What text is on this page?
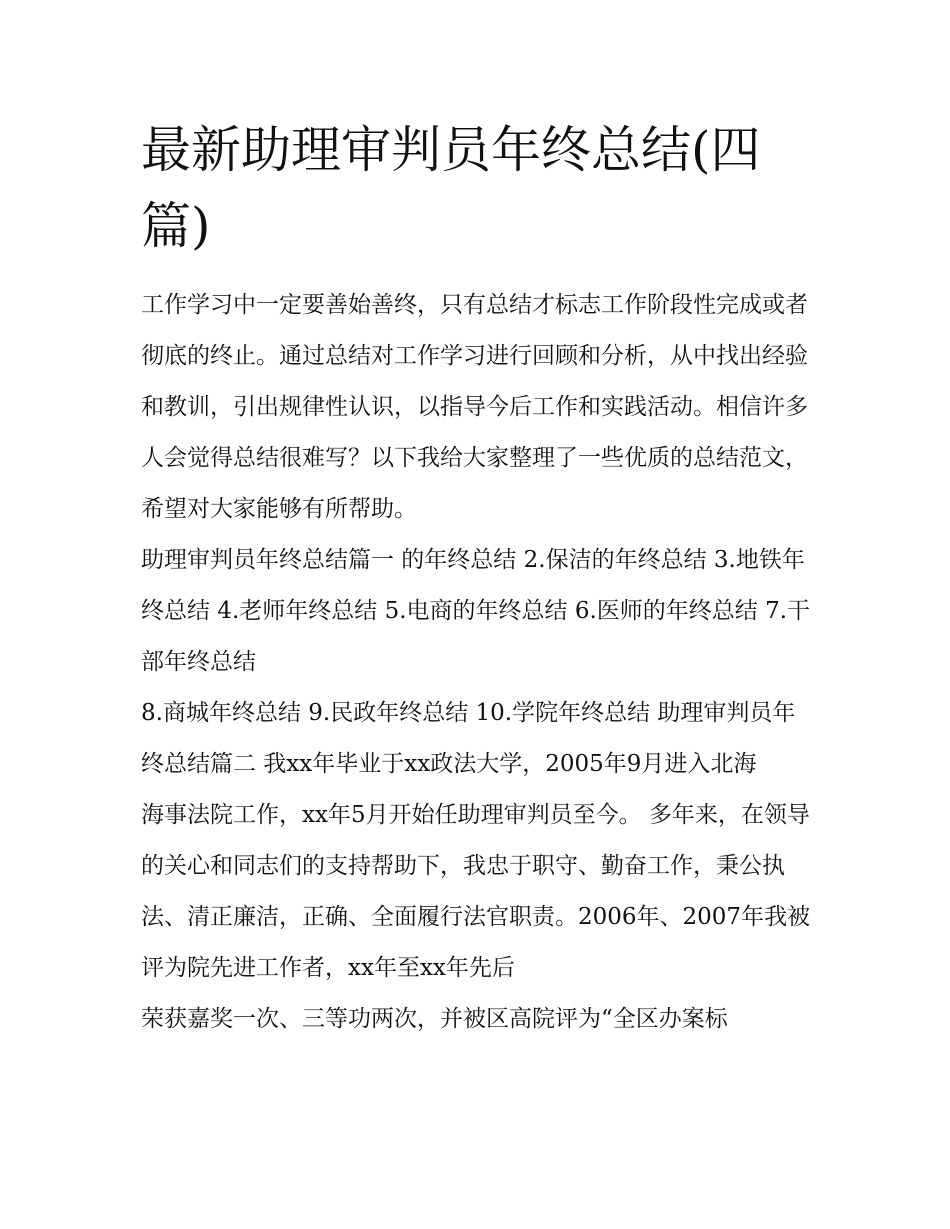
最新助理审判员年终总结(四篇)

工作学习中一定要善始善终，只有总结才标志工作阶段性完成或者彻底的终止。通过总结对工作学习进行回顾和分析，从中找出经验和教训，引出规律性认识，以指导今后工作和实践活动。相信许多人会觉得总结很难写？以下我给大家整理了一些优质的总结范文，希望对大家能够有所帮助。

助理审判员年终总结篇一 的年终总结 2.保洁的年终总结 3.地铁年终总结 4.老师年终总结 5.电商的年终总结 6.医师的年终总结 7.干部年终总结

8.商城年终总结 9.民政年终总结 10.学院年终总结 助理审判员年终总结篇二 我xx年毕业于xx政法大学，2005年9月进入北海

海事法院工作，xx年5月开始任助理审判员至今。 多年来，在领导的关心和同志们的支持帮助下，我忠于职守、勤奋工作，秉公执法、清正廉洁，正确、全面履行法官职责。2006年、2007年我被评为院先进工作者，xx年至xx年先后

荣获嘉奖一次、三等功两次，并被区高院评为“全区办案标
